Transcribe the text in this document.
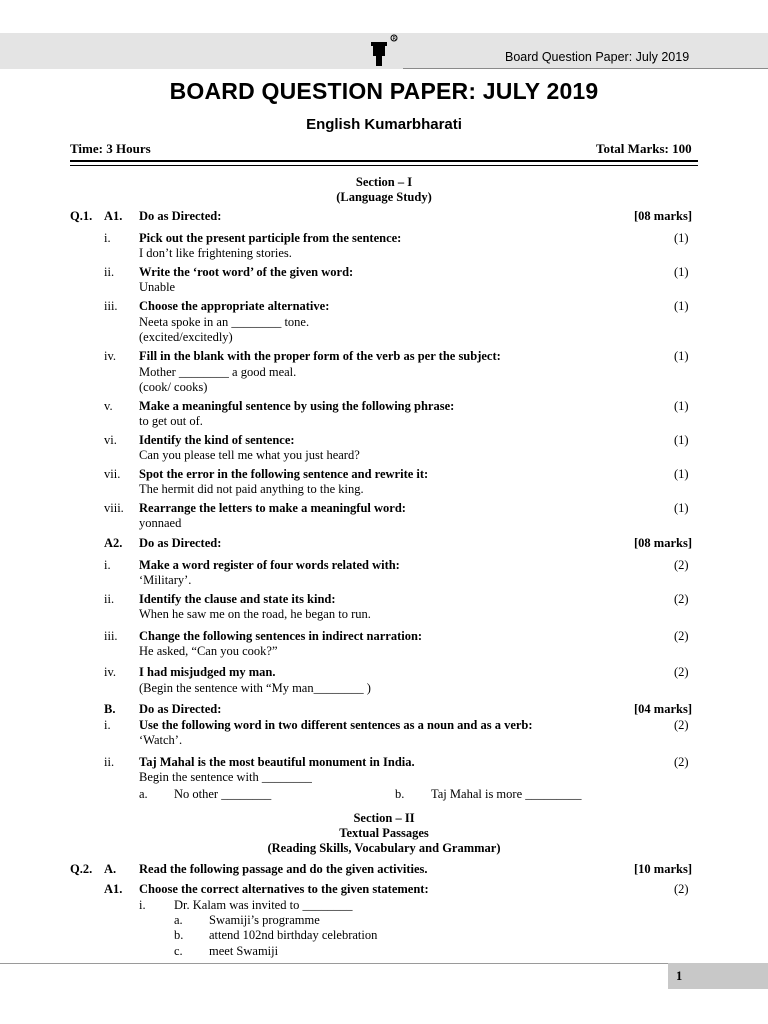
R
Board Question Paper: July 2019
BOARD QUESTION PAPER: JULY 2019
English Kumarbharati
Time: 3 Hours	Total Marks: 100
Section – I
(Language Study)
Q.1. A1. Do as Directed:	[08 marks]
i. Pick out the present participle from the sentence:	(1)
I don’t like frightening stories.
ii. Write the ‘root word’ of the given word:	(1)
Unable
iii. Choose the appropriate alternative:	(1)
Neeta spoke in an ________ tone.
(excited/excitedly)
iv. Fill in the blank with the proper form of the verb as per the subject:	(1)
Mother ________ a good meal.
(cook/ cooks)
v. Make a meaningful sentence by using the following phrase:	(1)
to get out of.
vi. Identify the kind of sentence:	(1)
Can you please tell me what you just heard?
vii. Spot the error in the following sentence and rewrite it:	(1)
The hermit did not paid anything to the king.
viii. Rearrange the letters to make a meaningful word:	(1)
yonnaed
A2. Do as Directed:	[08 marks]
i. Make a word register of four words related with:	(2)
‘Military’.
ii. Identify the clause and state its kind:	(2)
When he saw me on the road, he began to run.
iii. Change the following sentences in indirect narration:	(2)
He asked, “Can you cook?”
iv. I had misjudged my man.	(2)
(Begin the sentence with “My man________ )
B. Do as Directed:	[04 marks]
i. Use the following word in two different sentences as a noun and as a verb:	(2)
‘Watch’.
ii. Taj Mahal is the most beautiful monument in India.	(2)
Begin the sentence with ________
a. No other ________	b. Taj Mahal is more _________
Section – II
Textual Passages
(Reading Skills, Vocabulary and Grammar)
Q.2. A. Read the following passage and do the given activities.	[10 marks]
A1. Choose the correct alternatives to the given statement:	(2)
i. Dr. Kalam was invited to ________
a. Swamiji’s programme
b. attend 102nd birthday celebration
c. meet Swamiji
1
